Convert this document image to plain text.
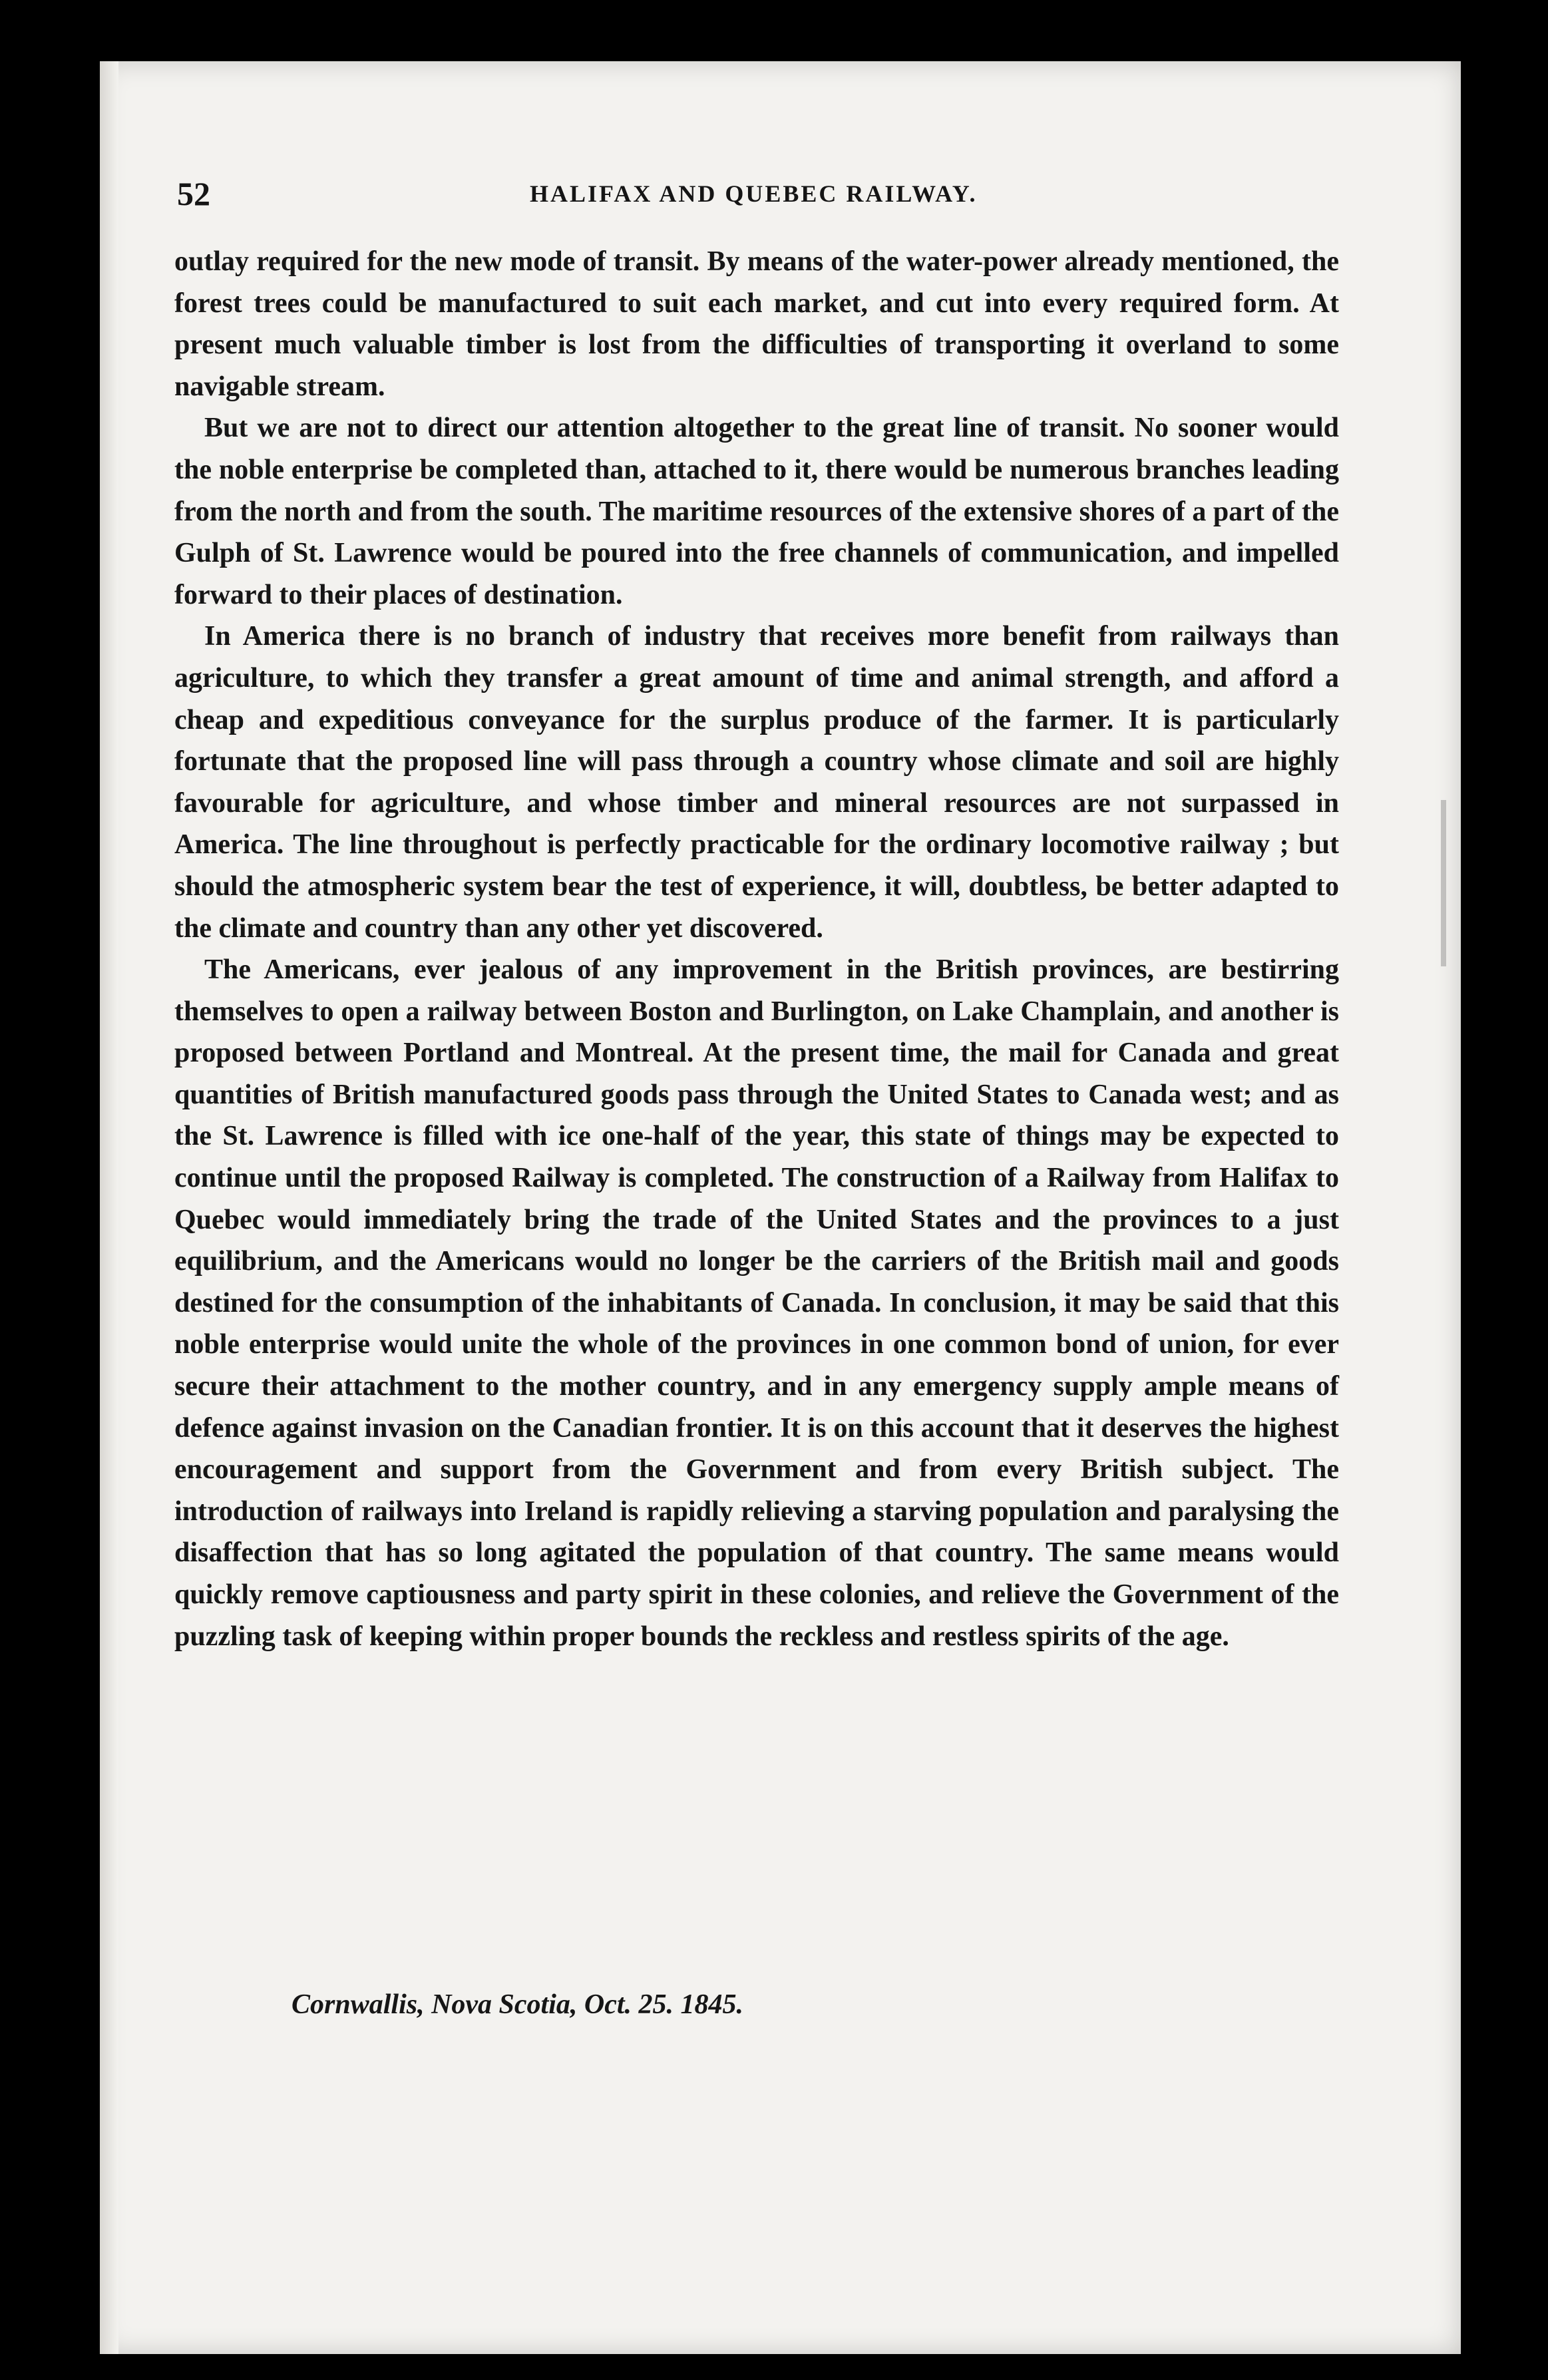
52	HALIFAX AND QUEBEC RAILWAY.

outlay required for the new mode of transit. By means of the water-power already mentioned, the forest trees could be manufactured to suit each market, and cut into every required form. At present much valuable timber is lost from the difficulties of transporting it overland to some navigable stream.

But we are not to direct our attention altogether to the great line of transit. No sooner would the noble enterprise be completed than, attached to it, there would be numerous branches leading from the north and from the south. The maritime resources of the extensive shores of a part of the Gulph of St. Lawrence would be poured into the free channels of communication, and impelled forward to their places of destination.

In America there is no branch of industry that receives more benefit from railways than agriculture, to which they transfer a great amount of time and animal strength, and afford a cheap and expeditious conveyance for the surplus produce of the farmer. It is particularly fortunate that the proposed line will pass through a country whose climate and soil are highly favourable for agriculture, and whose timber and mineral resources are not surpassed in America. The line throughout is perfectly practicable for the ordinary locomotive railway ; but should the atmospheric system bear the test of experience, it will, doubtless, be better adapted to the climate and country than any other yet discovered.

The Americans, ever jealous of any improvement in the British provinces, are bestirring themselves to open a railway between Boston and Burlington, on Lake Champlain, and another is proposed between Portland and Montreal. At the present time, the mail for Canada and great quantities of British manufactured goods pass through the United States to Canada west; and as the St. Lawrence is filled with ice one-half of the year, this state of things may be expected to continue until the proposed Railway is completed. The construction of a Railway from Halifax to Quebec would immediately bring the trade of the United States and the provinces to a just equilibrium, and the Americans would no longer be the carriers of the British mail and goods destined for the consumption of the inhabitants of Canada. In conclusion, it may be said that this noble enterprise would unite the whole of the provinces in one common bond of union, for ever secure their attachment to the mother country, and in any emergency supply ample means of defence against invasion on the Canadian frontier. It is on this account that it deserves the highest encouragement and support from the Government and from every British subject. The introduction of railways into Ireland is rapidly relieving a starving population and paralysing the disaffection that has so long agitated the population of that country. The same means would quickly remove captiousness and party spirit in these colonies, and relieve the Government of the puzzling task of keeping within proper bounds the reckless and restless spirits of the age.

Cornwallis, Nova Scotia, Oct. 25. 1845.
